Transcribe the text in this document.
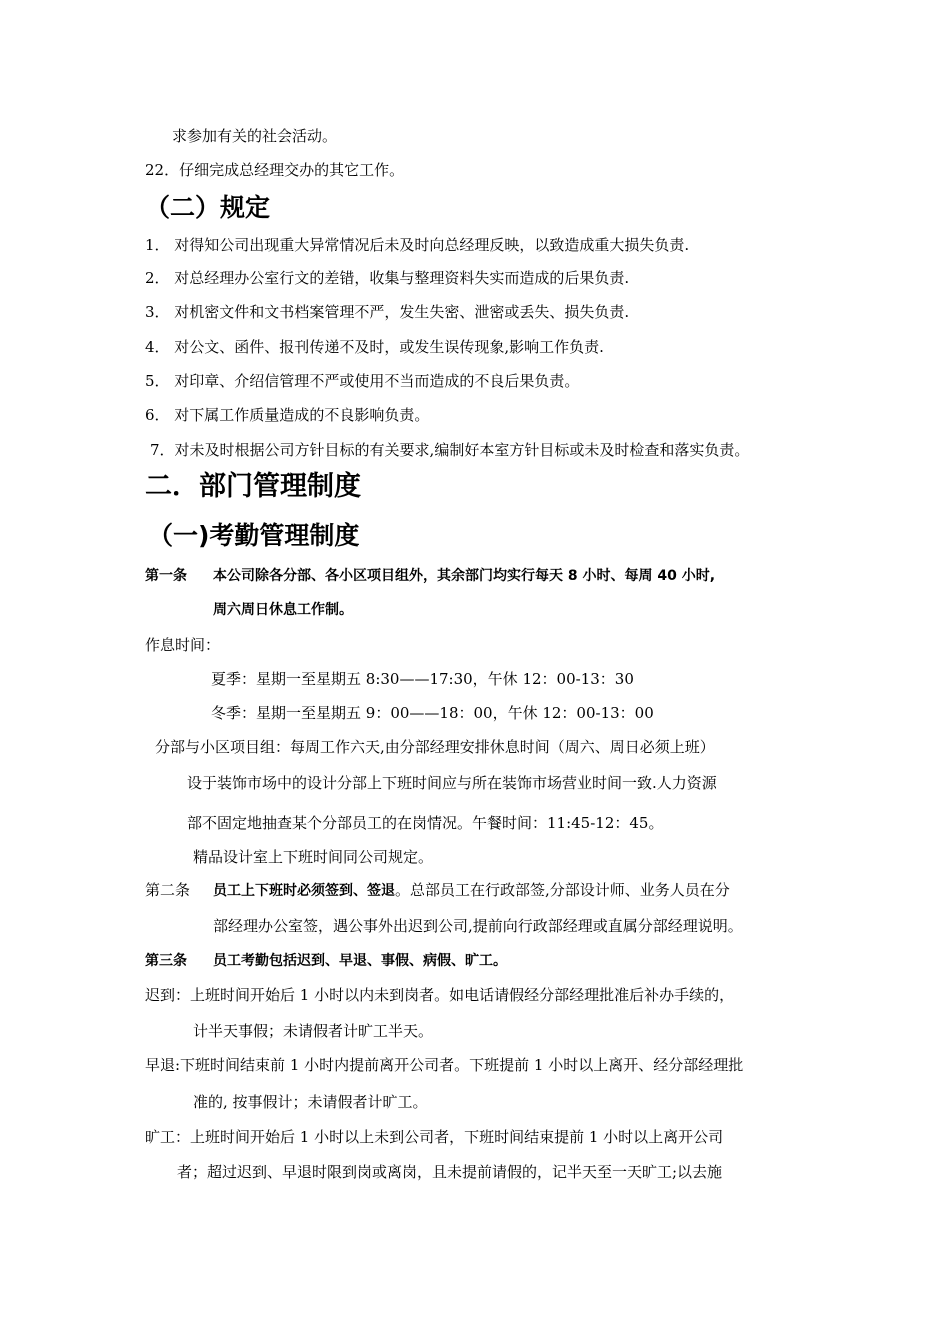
求参加有关的社会活动。
22．仔细完成总经理交办的其它工作。
（二）规定
1． 对得知公司出现重大异常情况后未及时向总经理反映，以致造成重大损失负责.
2． 对总经理办公室行文的差错，收集与整理资料失实而造成的后果负责.
3． 对机密文件和文书档案管理不严，发生失密、泄密或丢失、损失负责.
4． 对公文、函件、报刊传递不及时，或发生误传现象,影响工作负责.
5． 对印章、介绍信管理不严或使用不当而造成的不良后果负责。
6． 对下属工作质量造成的不良影响负责。
7．对未及时根据公司方针目标的有关要求,编制好本室方针目标或未及时检查和落实负责。
二．部门管理制度
（一)考勤管理制度
第一条 本公司除各分部、各小区项目组外，其余部门均实行每天 8 小时、每周 40 小时,
周六周日休息工作制。
作息时间：
夏季：星期一至星期五 8:30——17:30，午休 12：00-13：30
冬季：星期一至星期五 9：00——18：00，午休 12：00-13：00
分部与小区项目组：每周工作六天,由分部经理安排休息时间（周六、周日必须上班）
设于装饰市场中的设计分部上下班时间应与所在装饰市场营业时间一致.人力资源
部不固定地抽查某个分部员工的在岗情况。午餐时间：11:45-12：45。
精品设计室上下班时间同公司规定。
第二条 员工上下班时必须签到、签退。总部员工在行政部签,分部设计师、业务人员在分
部经理办公室签，遇公事外出迟到公司,提前向行政部经理或直属分部经理说明。
第三条 员工考勤包括迟到、早退、事假、病假、旷工。
迟到：上班时间开始后 1 小时以内未到岗者。如电话请假经分部经理批准后补办手续的，
计半天事假；未请假者计旷工半天。
早退:下班时间结束前 1 小时内提前离开公司者。下班提前 1 小时以上离开、经分部经理批
准的, 按事假计；未请假者计旷工。
旷工：上班时间开始后 1 小时以上未到公司者，下班时间结束提前 1 小时以上离开公司
者；超过迟到、早退时限到岗或离岗，且未提前请假的，记半天至一天旷工;以去施
